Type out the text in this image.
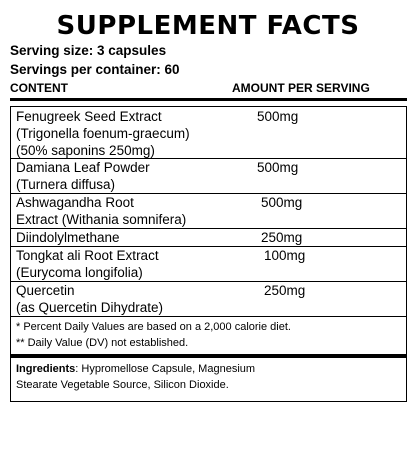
SUPPLEMENT FACTS
Serving size: 3 capsules
Servings per container: 60
CONTENT	AMOUNT PER SERVING
Fenugreek Seed Extract
(Trigonella foenum-graecum)
(50% saponins 250mg)
500mg
Damiana Leaf Powder
(Turnera diffusa)
500mg
Ashwagandha Root
Extract (Withania somnifera)
500mg
Diindolylmethane	250mg
Tongkat ali Root Extract
(Eurycoma longifolia)
100mg
Quercetin
(as Quercetin Dihydrate)
250mg
* Percent Daily Values are based on a 2,000 calorie diet.
** Daily Value (DV) not established.
Ingredients: Hypromellose Capsule, Magnesium
Stearate Vegetable Source, Silicon Dioxide.
